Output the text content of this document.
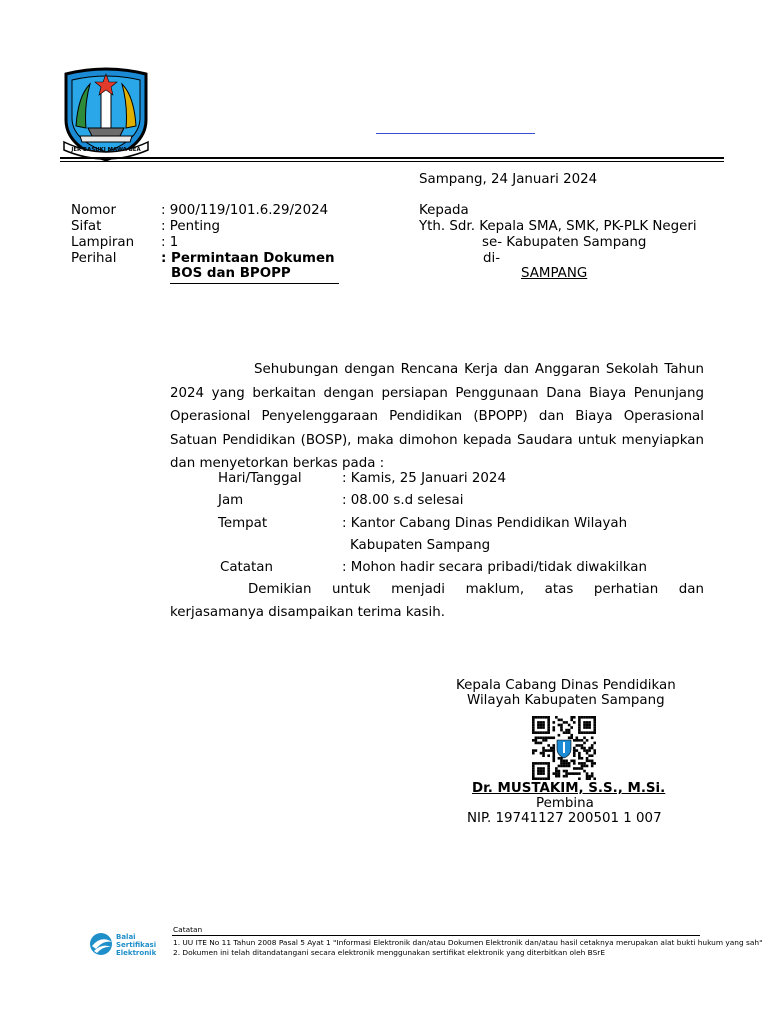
JER BASUKI MAWA BEA
Sampang, 24 Januari 2024
Nomor	: 900/119/101.6.29/2024
Sifat	: Penting
Lampiran : 1
Perihal	: Permintaan Dokumen
BOS dan BPOPP
Kepada
Yth. Sdr. Kepala SMA, SMK, PK-PLK Negeri
se- Kabupaten Sampang
di-
SAMPANG

Sehubungan dengan Rencana Kerja dan Anggaran Sekolah Tahun 2024 yang berkaitan dengan persiapan Penggunaan Dana Biaya Penunjang Operasional Penyelenggaraan Pendidikan (BPOPP) dan Biaya Operasional Satuan Pendidikan (BOSP), maka dimohon kepada Saudara untuk menyiapkan dan menyetorkan berkas pada :

Hari/Tanggal	: Kamis, 25 Januari 2024
Jam	: 08.00 s.d selesai
Tempat	: Kantor Cabang Dinas Pendidikan Wilayah
Kabupaten Sampang
Catatan	: Mohon hadir secara pribadi/tidak diwakilkan

Demikian untuk menjadi maklum, atas perhatian dan kerjasamanya disampaikan terima kasih.

Kepala Cabang Dinas Pendidikan
Wilayah Kabupaten Sampang
Dr. MUSTAKIM, S.S., M.Si.
Pembina
NIP. 19741127 200501 1 007
Balai
Sertifikasi
Elektronik
Catatan
1. UU ITE No 11 Tahun 2008 Pasal 5 Ayat 1 "Informasi Elektronik dan/atau Dokumen Elektronik dan/atau hasil cetaknya merupakan alat bukti hukum yang sah"
2. Dokumen ini telah ditandatangani secara elektronik menggunakan sertifikat elektronik yang diterbitkan oleh BSrE
